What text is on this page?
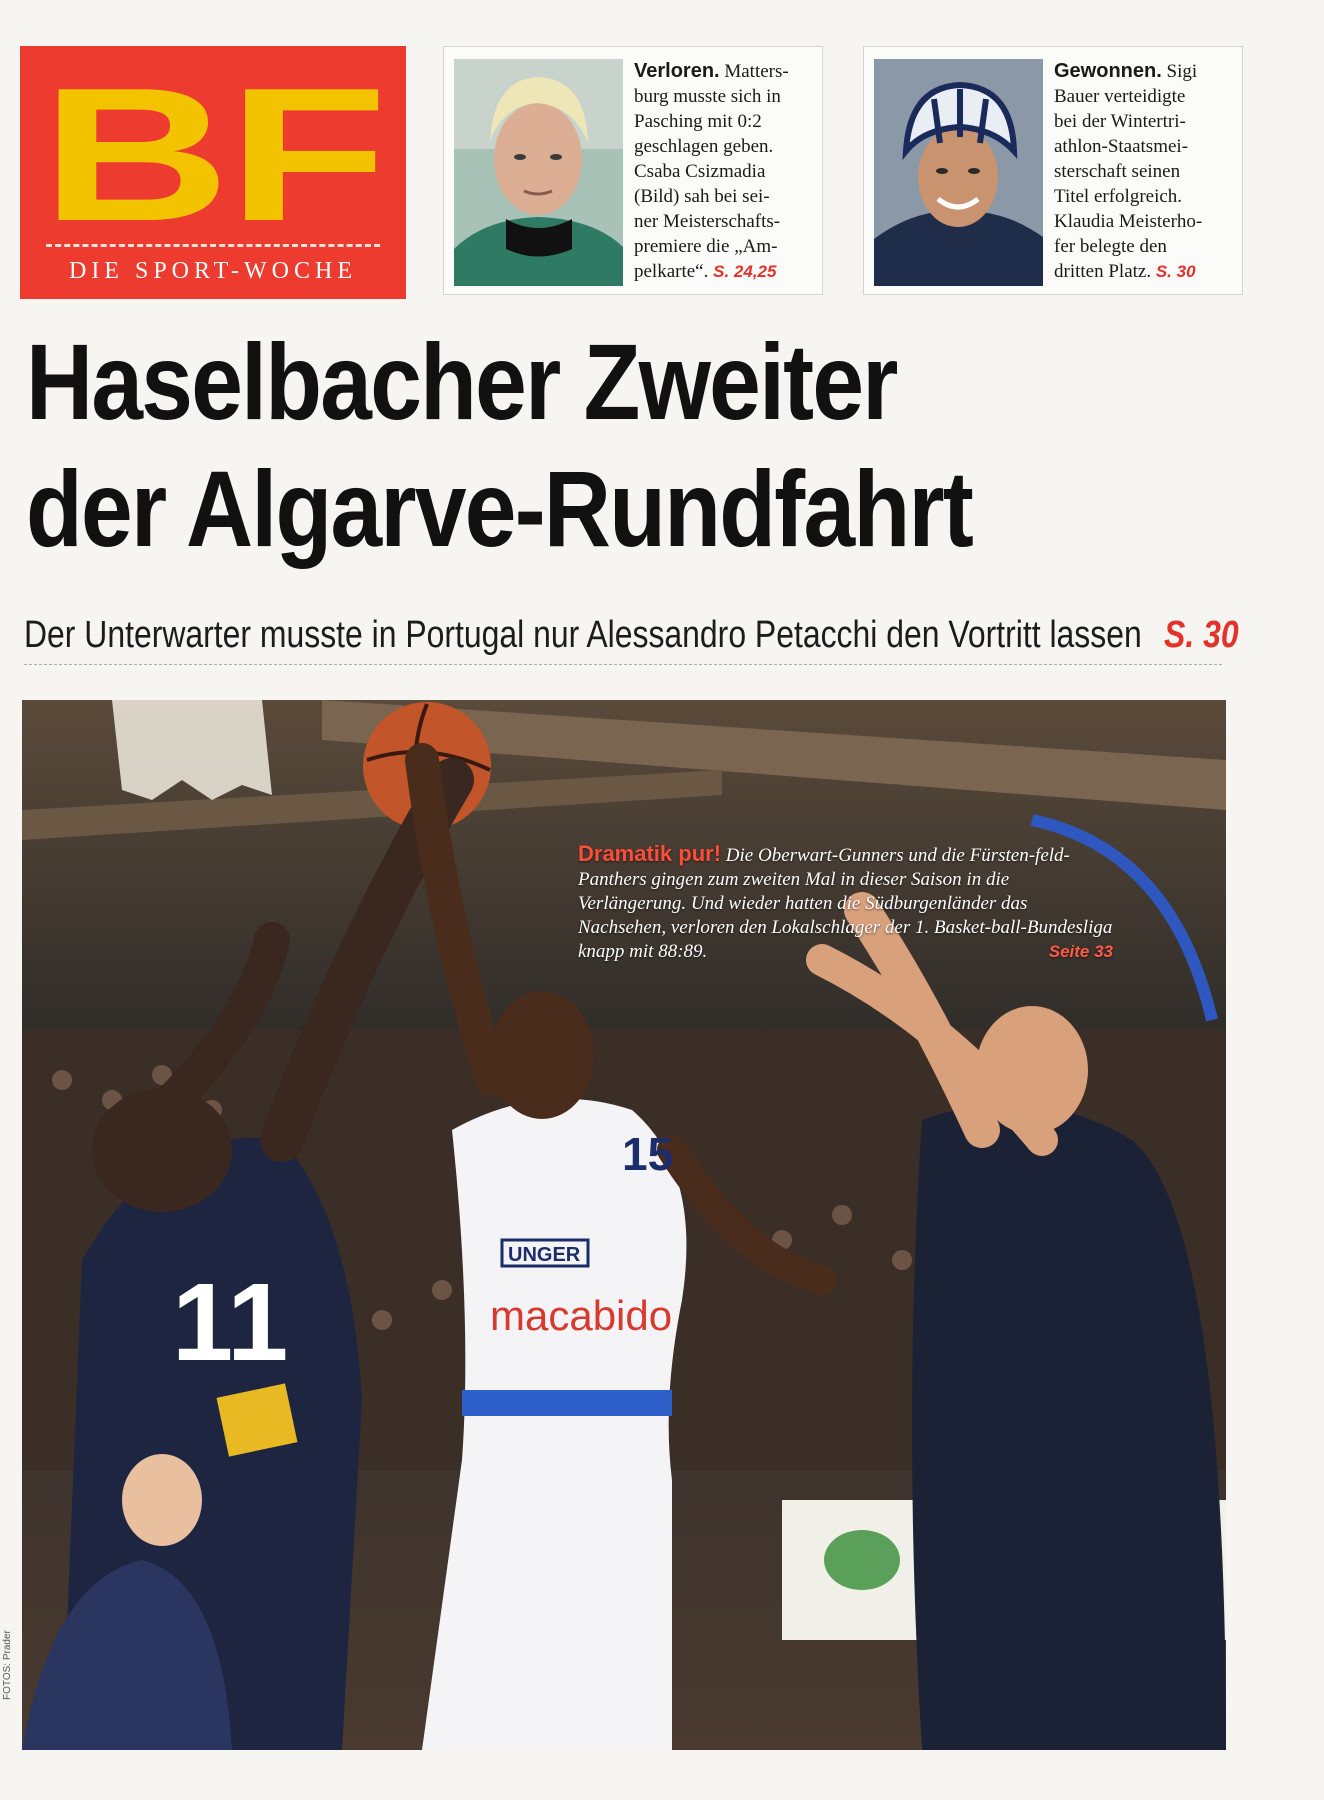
BF
DIE SPORT-WOCHE
Verloren. Matters-
burg musste sich in
Pasching mit 0:2
geschlagen geben.
Csaba Csizmadia
(Bild) sah bei sei-
ner Meisterschafts-
premiere die „Am-
pelkarte“. S. 24,25
Gewonnen. Sigi
Bauer verteidigte
bei der Wintertri-
athlon-Staatsmei-
sterschaft seinen
Titel erfolgreich.
Klaudia Meisterho-
fer belegte den
dritten Platz. S. 30
Haselbacher Zweiter
der Algarve-Rundfahrt
Der Unterwarter musste in Portugal nur Alessandro Petacchi den Vortritt lassen S. 30
11
15
UNGER
macabido
Dramatik pur! Die Oberwart-Gunners und die Fürsten-feld-Panthers gingen zum zweiten Mal in dieser Saison in die Verlängerung. Und wieder hatten die Südburgenländer das Nachsehen, verloren den Lokalschlager der 1. Basket-ball-Bundesliga knapp mit 88:89.	Seite 33
FOTOS: Prader
